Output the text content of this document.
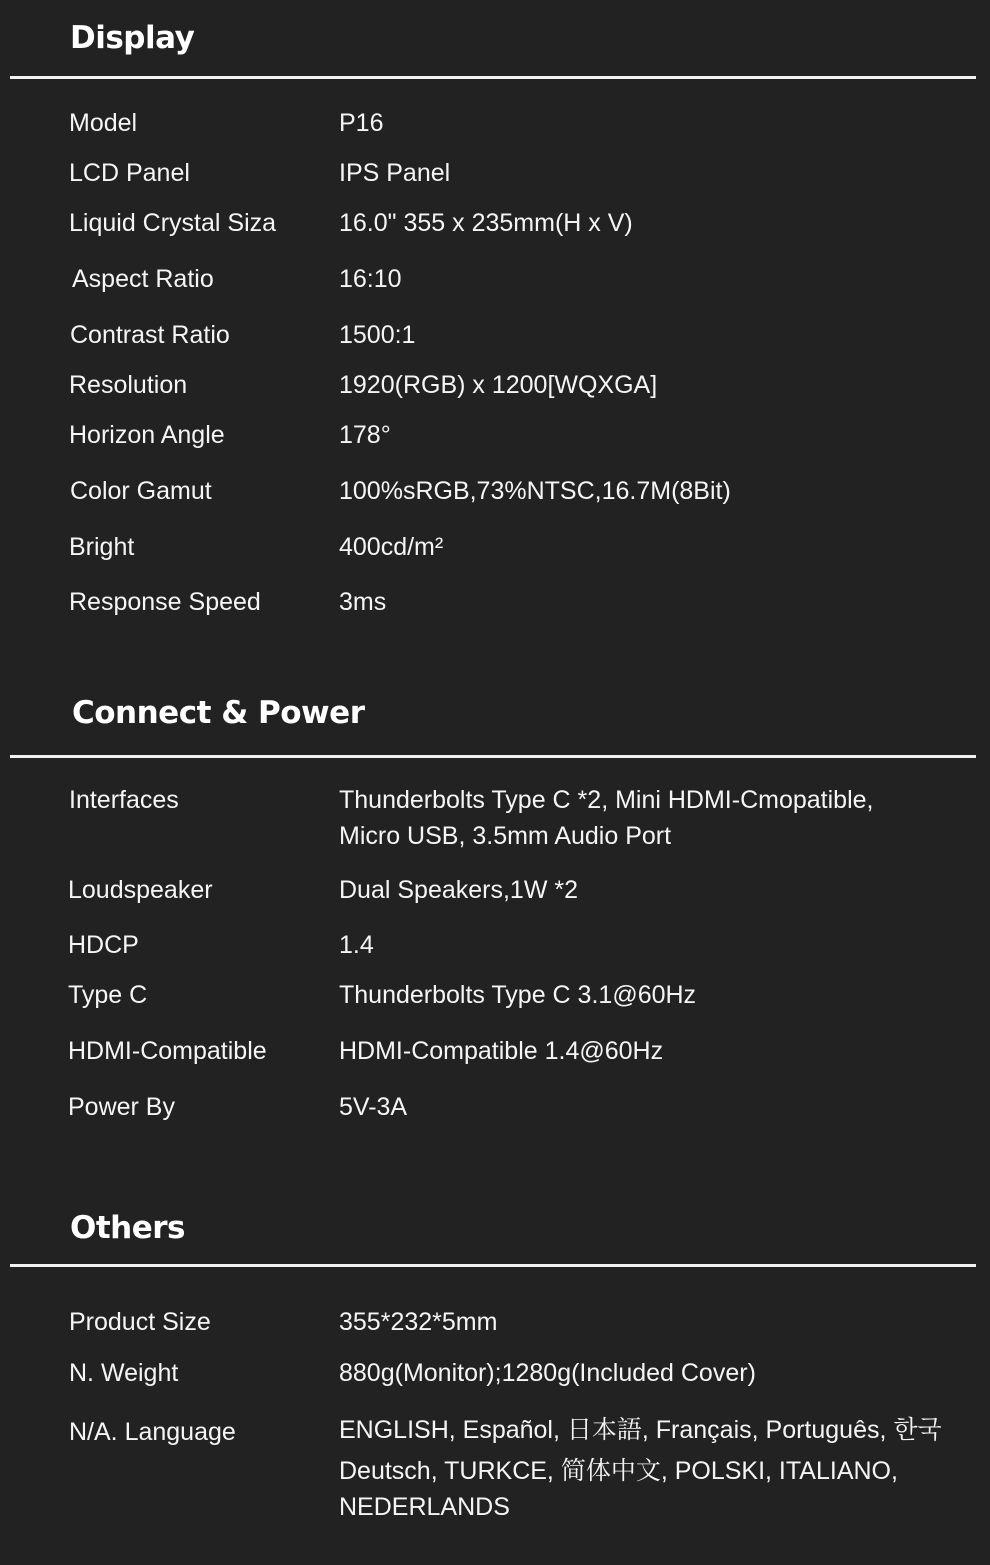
Display
Model	P16
LCD Panel	IPS Panel
Liquid Crystal Siza	16.0" 355 x 235mm(H x V)
Aspect Ratio	16:10
Contrast Ratio	1500:1
Resolution	1920(RGB) x 1200[WQXGA]
Horizon Angle	178°
Color Gamut	100%sRGB,73%NTSC,16.7M(8Bit)
Bright	400cd/m²
Response Speed	3ms
Connect & Power
Interfaces	Thunderbolts Type C *2, Mini HDMI-Cmopatible,
Micro USB, 3.5mm Audio Port
Loudspeaker	Dual Speakers,1W *2
HDCP	1.4
Type C	Thunderbolts Type C 3.1@60Hz
HDMI-Compatible	HDMI-Compatible 1.4@60Hz
Power By	5V-3A
Others
Product Size	355*232*5mm
N. Weight	880g(Monitor);1280g(Included Cover)
N/A. Language	ENGLISH, Español, 日本語, Français, Português, 한국
Deutsch, TURKCE, 简体中文, POLSKI, ITALIANO,
NEDERLANDS
